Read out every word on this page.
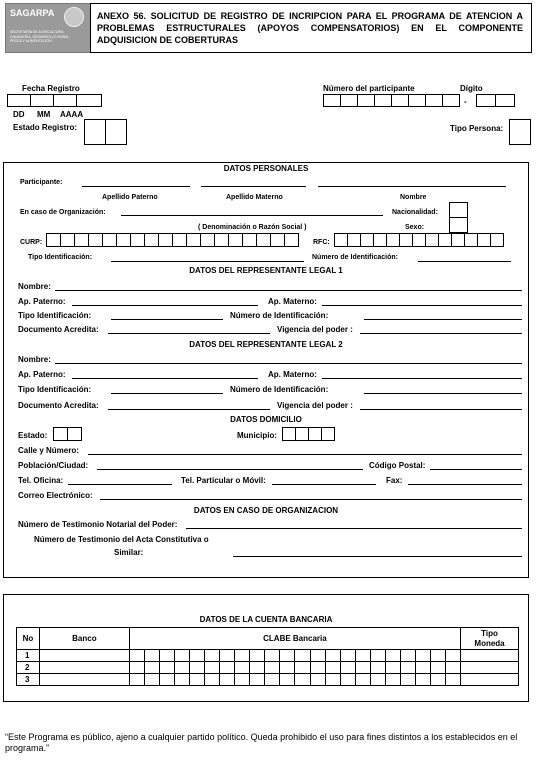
SAGARPA
SECRETARÍA DE AGRICULTURA, GANADERÍA, DESARROLLO RURAL, PESCA Y ALIMENTACIÓN
ANEXO 56. SOLICITUD DE REGISTRO DE INCRIPCION PARA EL PROGRAMA DE ATENCION A PROBLEMAS ESTRUCTURALES (APOYOS COMPENSATORIOS) EN EL COMPONENTE ADQUISICION DE COBERTURAS
Fecha Registro
DD MM AAAA
Estado Registro:
Número del participante	Dígito
-
Tipo Persona:
DATOS PERSONALES
Participante:
Apellido Paterno	Apellido Materno	Nombre
En caso de Organización:	Nacionalidad:
( Denominación o Razón Social )	Sexo:
CURP:	RFC:
Tipo Identificación:	Número de Identificación:
DATOS DEL REPRESENTANTE LEGAL 1
Nombre:
Ap. Paterno:	Ap. Materno:
Tipo Identificación:	Número de Identificación:
Documento Acredita:	Vigencia del poder :
DATOS DEL REPRESENTANTE LEGAL 2
Nombre:
Ap. Paterno:	Ap. Materno:
Tipo Identificación:	Número de Identificación:
Documento Acredita:	Vigencia del poder :
DATOS DOMICILIO
Estado:	Municipio:
Calle y Número:
Población/Ciudad:	Código Postal:
Tel. Oficina:	Tel. Particular o Móvil:	Fax:
Correo Electrónico:
DATOS EN CASO DE ORGANIZACION
Número de Testimonio Notarial del Poder:
Número de Testimonio del Acta Constitutiva o
Similar:
DATOS DE LA CUENTA BANCARIA
No	Banco	CLABE Bancaria	Tipo
Moneda

1		

2		

3		

“Este Programa es público, ajeno a cualquier partido político. Queda prohibido el uso para fines distintos a los establecidos en el programa.”
